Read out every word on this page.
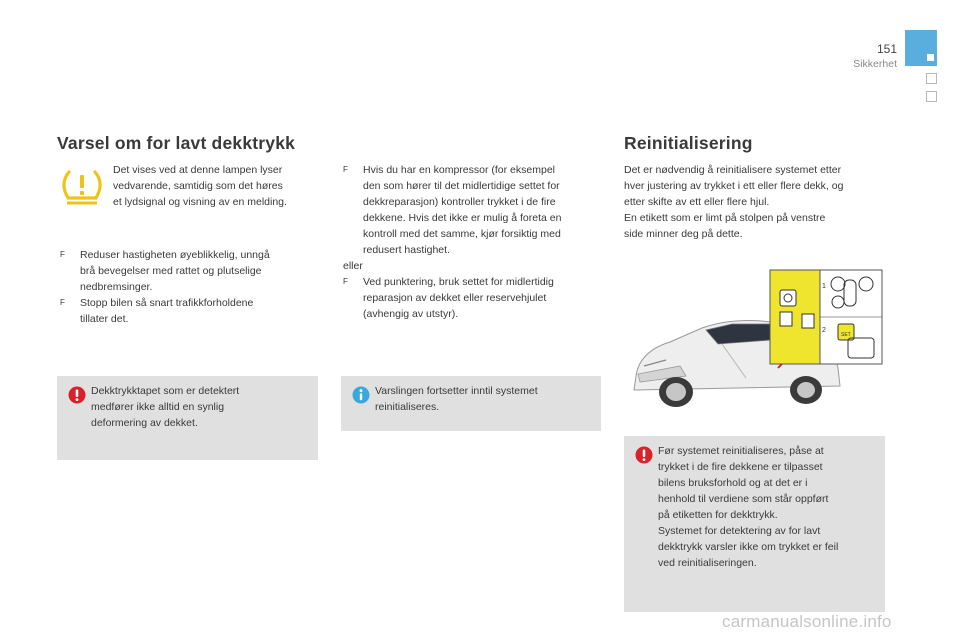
151
Sikkerhet
Varsel om for lavt dekktrykk
Det vises ved at denne lampen lyser
vedvarende, samtidig som det høres
et lydsignal og visning av en melding.
F	Reduser hastigheten øyeblikkelig, unngå
brå bevegelser med rattet og plutselige
nedbremsinger.
F	Stopp bilen så snart trafikkforholdene
tillater det.
Dekktrykktapet som er detektert
medfører ikke alltid en synlig
deformering av dekket.
F	Hvis du har en kompressor (for eksempel
den som hører til det midlertidige settet for
dekkreparasjon) kontroller trykket i de fire
dekkene. Hvis det ikke er mulig å foreta en
kontroll med det samme, kjør forsiktig med
redusert hastighet.
eller
F	Ved punktering, bruk settet for midlertidig
reparasjon av dekket eller reservehjulet
(avhengig av utstyr).
Varslingen fortsetter inntil systemet
reinitialiseres.
Reinitialisering
Det er nødvendig å reinitialisere systemet etter
hver justering av trykket i ett eller flere dekk, og
etter skifte av ett eller flere hjul.
En etikett som er limt på stolpen på venstre
side minner deg på dette.
1
2
SET
Før systemet reinitialiseres, påse at
trykket i de fire dekkene er tilpasset
bilens bruksforhold og at det er i
henhold til verdiene som står oppført
på etiketten for dekktrykk.
Systemet for detektering av for lavt
dekktrykk varsler ikke om trykket er feil
ved reinitialiseringen.
carmanualsonline.info
